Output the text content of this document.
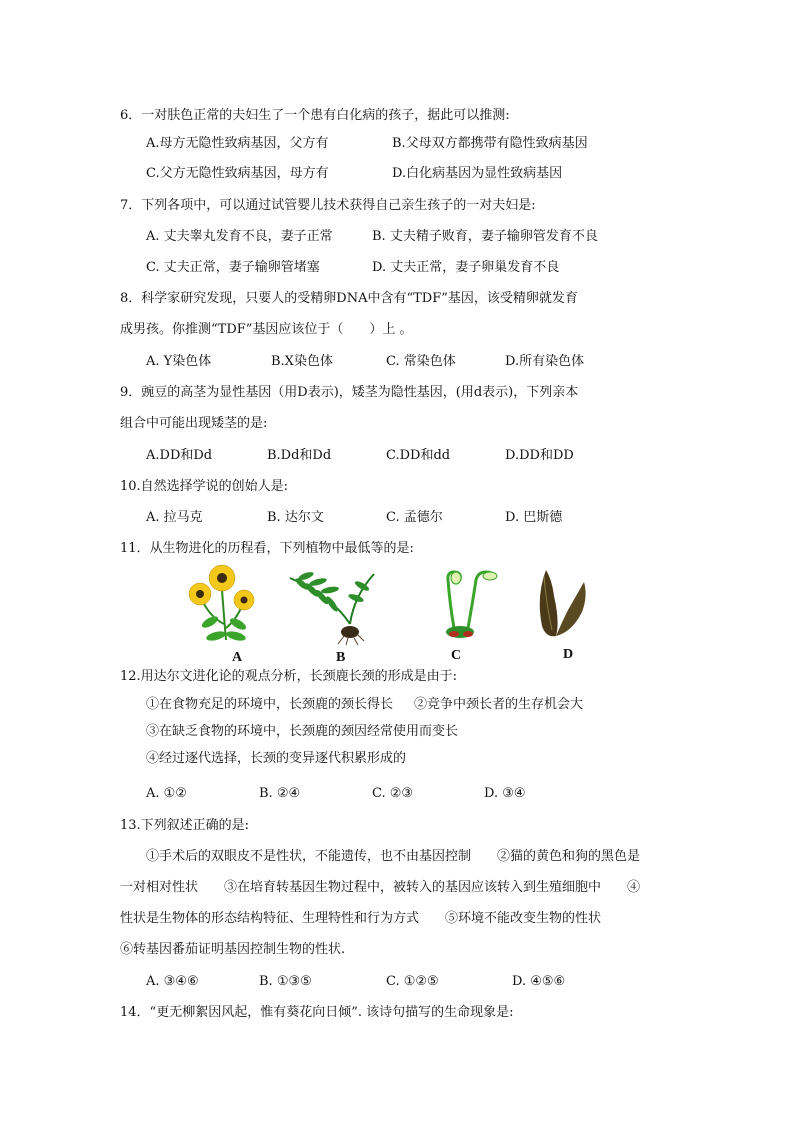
6．一对肤色正常的夫妇生了一个患有白化病的孩子，据此可以推测:
A.母方无隐性致病基因，父方有	B.父母双方都携带有隐性致病基因
C.父方无隐性致病基因，母方有	D.白化病基因为显性致病基因
7．下列各项中，可以通过试管婴儿技术获得自己亲生孩子的一对夫妇是:
A. 丈夫睾丸发育不良，妻子正常	B. 丈夫精子败育，妻子输卵管发育不良
C. 丈夫正常，妻子输卵管堵塞	D. 丈夫正常，妻子卵巢发育不良
8．科学家研究发现，只要人的受精卵DNA中含有“TDF”基因，该受精卵就发育
成男孩。你推测“TDF”基因应该位于（　　）上 。
A. Y染色体	B.X染色体	C. 常染色体	D.所有染色体
9．豌豆的高茎为显性基因（用D表示)，矮茎为隐性基因，(用d表示)，下列亲本
组合中可能出现矮茎的是:
A.DD和Dd	B.Dd和Dd	C.DD和dd	D.DD和DD
10.自然选择学说的创始人是:
A. 拉马克	B. 达尔文	C. 孟德尔	D. 巴斯德
11．从生物进化的历程看，下列植物中最低等的是:
A	B	C	D
12.用达尔文进化论的观点分析，长颈鹿长颈的形成是由于:
①在食物充足的环境中，长颈鹿的颈长得长 ②竞争中颈长者的生存机会大
③在缺乏食物的环境中，长颈鹿的颈因经常使用而变长
④经过逐代选择，长颈的变异逐代积累形成的
A. ①②	B. ②④	C. ②③	D. ③④
13.下列叙述正确的是:
①手术后的双眼皮不是性状，不能遗传，也不由基因控制　　②猫的黄色和狗的黑色是
一对相对性状　　③在培育转基因生物过程中，被转入的基因应该转入到生殖细胞中　　④
性状是生物体的形态结构特征、生理特性和行为方式　　⑤环境不能改变生物的性状
⑥转基因番茄证明基因控制生物的性状.
A. ③④⑥	B. ①③⑤	C. ①②⑤	D. ④⑤⑥
14．“更无柳絮因风起，惟有葵花向日倾”. 该诗句描写的生命现象是:
